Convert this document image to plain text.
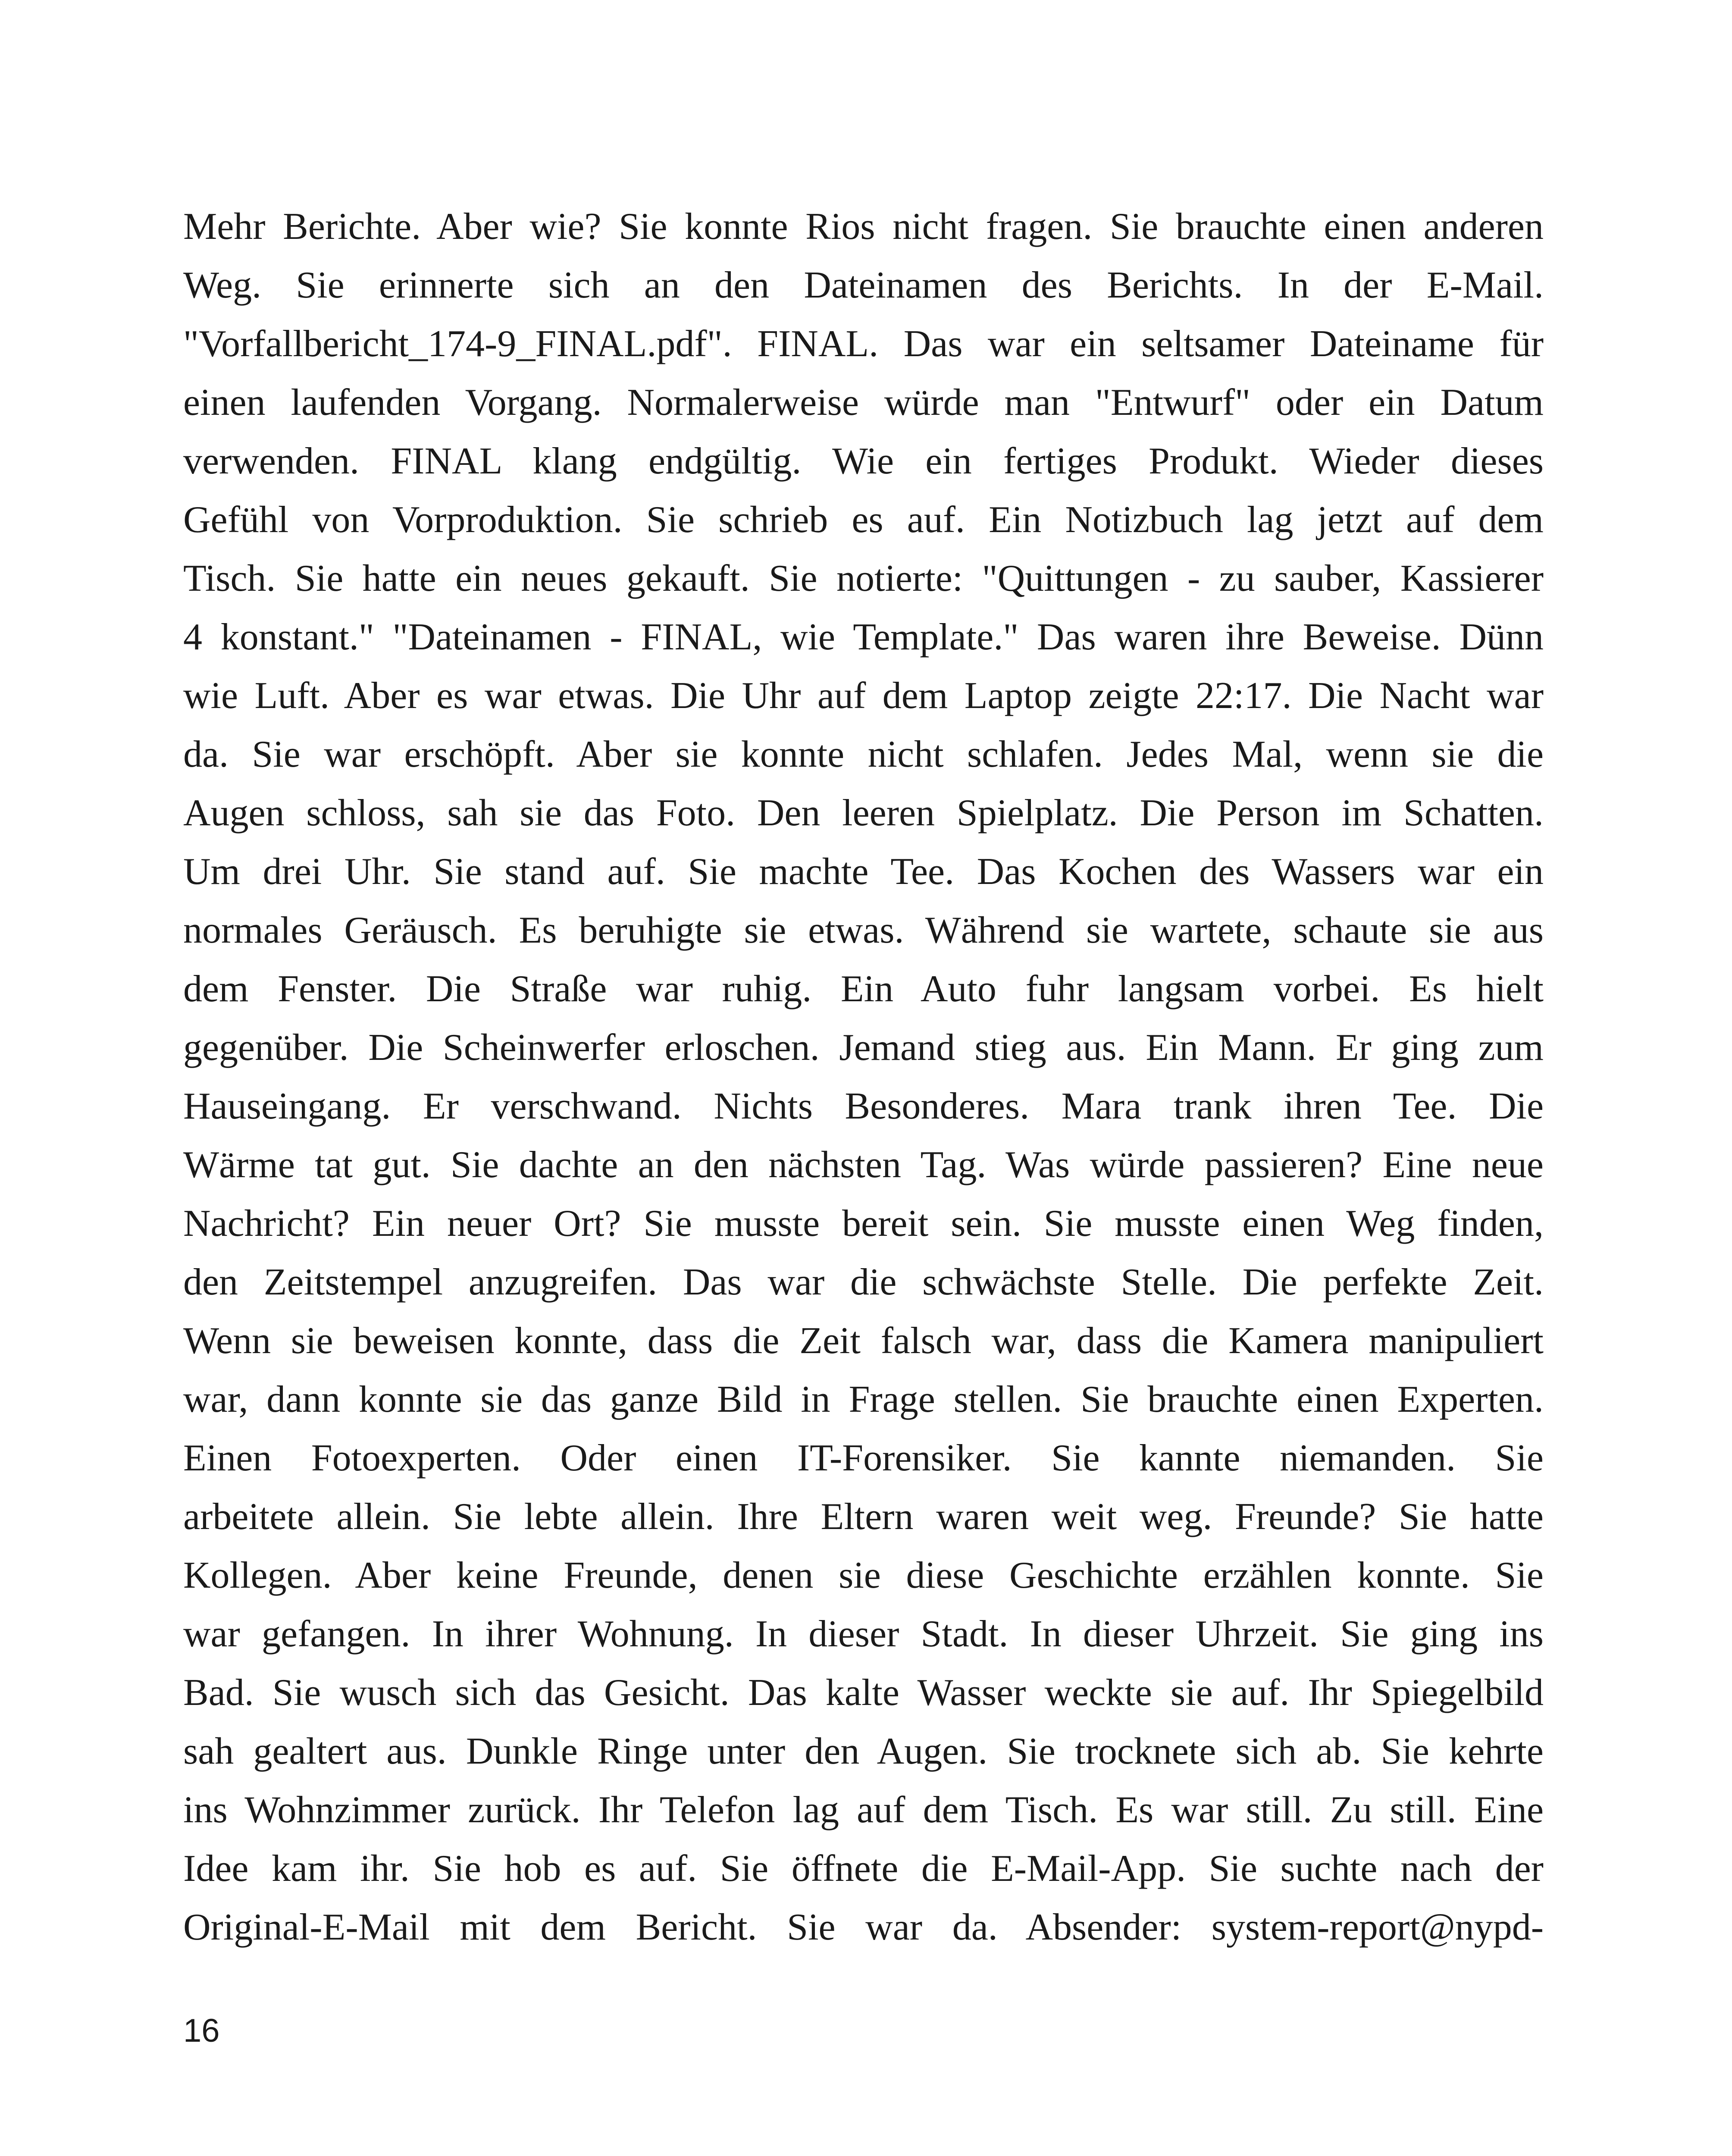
Mehr Berichte. Aber wie? Sie konnte Rios nicht fragen. Sie brauchte einen anderen
Weg. Sie erinnerte sich an den Dateinamen des Berichts. In der E-Mail.
"Vorfallbericht_174-9_FINAL.pdf". FINAL. Das war ein seltsamer Dateiname für
einen laufenden Vorgang. Normalerweise würde man "Entwurf" oder ein Datum
verwenden. FINAL klang endgültig. Wie ein fertiges Produkt. Wieder dieses
Gefühl von Vorproduktion. Sie schrieb es auf. Ein Notizbuch lag jetzt auf dem
Tisch. Sie hatte ein neues gekauft. Sie notierte: "Quittungen - zu sauber, Kassierer
4 konstant." "Dateinamen - FINAL, wie Template." Das waren ihre Beweise. Dünn
wie Luft. Aber es war etwas. Die Uhr auf dem Laptop zeigte 22:17. Die Nacht war
da. Sie war erschöpft. Aber sie konnte nicht schlafen. Jedes Mal, wenn sie die
Augen schloss, sah sie das Foto. Den leeren Spielplatz. Die Person im Schatten.
Um drei Uhr. Sie stand auf. Sie machte Tee. Das Kochen des Wassers war ein
normales Geräusch. Es beruhigte sie etwas. Während sie wartete, schaute sie aus
dem Fenster. Die Straße war ruhig. Ein Auto fuhr langsam vorbei. Es hielt
gegenüber. Die Scheinwerfer erloschen. Jemand stieg aus. Ein Mann. Er ging zum
Hauseingang. Er verschwand. Nichts Besonderes. Mara trank ihren Tee. Die
Wärme tat gut. Sie dachte an den nächsten Tag. Was würde passieren? Eine neue
Nachricht? Ein neuer Ort? Sie musste bereit sein. Sie musste einen Weg finden,
den Zeitstempel anzugreifen. Das war die schwächste Stelle. Die perfekte Zeit.
Wenn sie beweisen konnte, dass die Zeit falsch war, dass die Kamera manipuliert
war, dann konnte sie das ganze Bild in Frage stellen. Sie brauchte einen Experten.
Einen Fotoexperten. Oder einen IT-Forensiker. Sie kannte niemanden. Sie
arbeitete allein. Sie lebte allein. Ihre Eltern waren weit weg. Freunde? Sie hatte
Kollegen. Aber keine Freunde, denen sie diese Geschichte erzählen konnte. Sie
war gefangen. In ihrer Wohnung. In dieser Stadt. In dieser Uhrzeit. Sie ging ins
Bad. Sie wusch sich das Gesicht. Das kalte Wasser weckte sie auf. Ihr Spiegelbild
sah gealtert aus. Dunkle Ringe unter den Augen. Sie trocknete sich ab. Sie kehrte
ins Wohnzimmer zurück. Ihr Telefon lag auf dem Tisch. Es war still. Zu still. Eine
Idee kam ihr. Sie hob es auf. Sie öffnete die E-Mail-App. Sie suchte nach der
Original-E-Mail mit dem Bericht. Sie war da. Absender: system-report@nypd-
16
